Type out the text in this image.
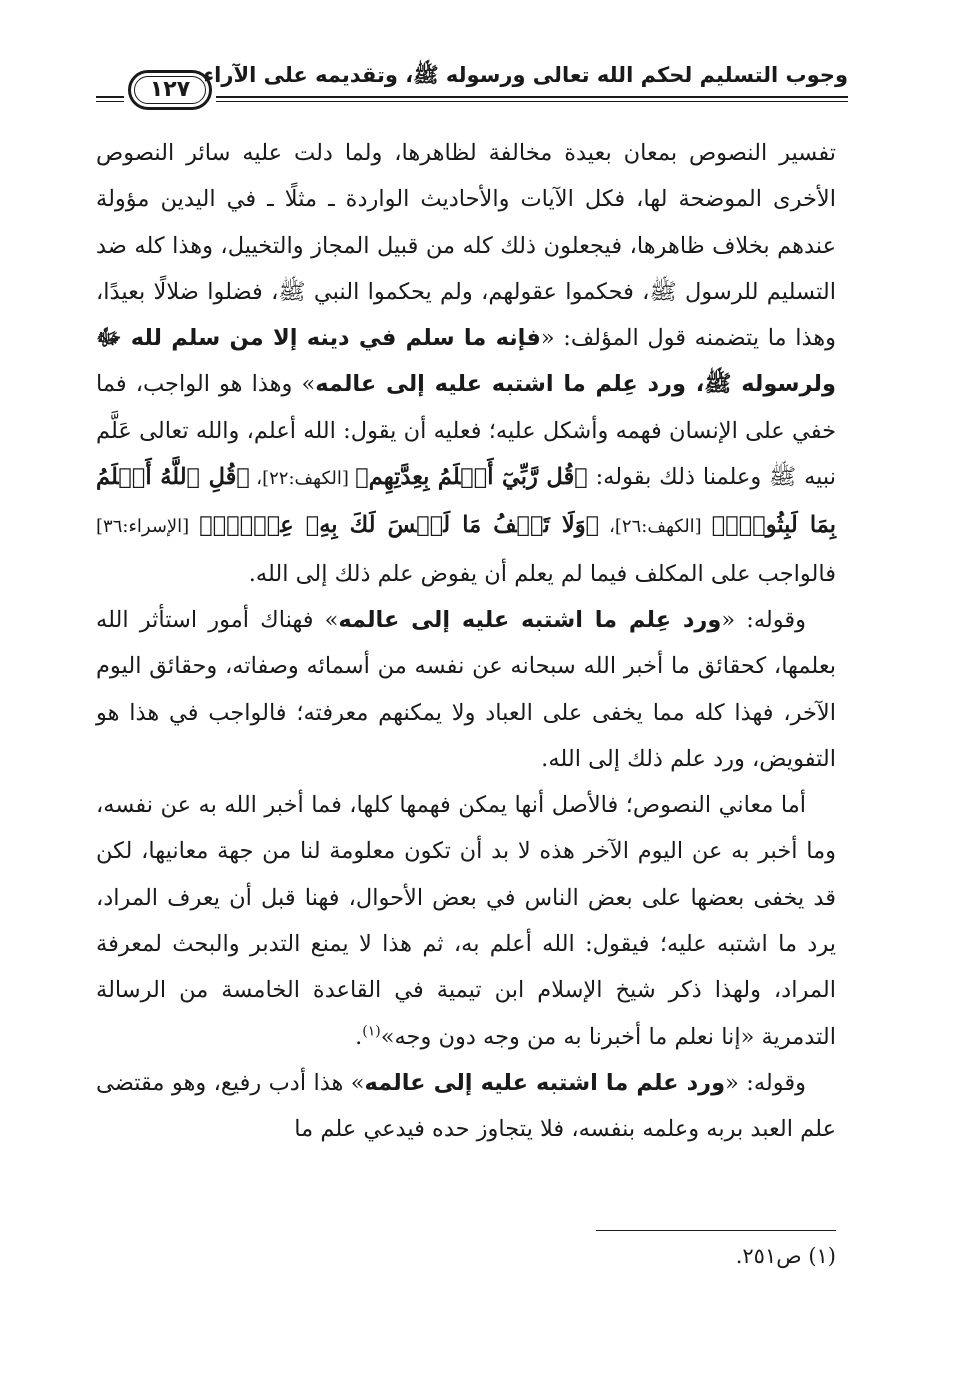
وجوب التسليم لحكم الله تعالى ورسوله ﷺ، وتقديمه على الآراء
١٢٧

تفسير النصوص بمعان بعيدة مخالفة لظاهرها، ولما دلت عليه سائر النصوص الأخرى الموضحة لها، فكل الآيات والأحاديث الواردة ـ مثلًا ـ في اليدين مؤولة عندهم بخلاف ظاهرها، فيجعلون ذلك كله من قبيل المجاز والتخييل، وهذا كله ضد التسليم للرسول ﷺ، فحكموا عقولهم، ولم يحكموا النبي ﷺ، فضلوا ضلالًا بعيدًا، وهذا ما يتضمنه قول المؤلف: «فإنه ما سلم في دينه إلا من سلم لله ﷻ ولرسوله ﷺ، ورد عِلم ما اشتبه عليه إلى عالمه» وهذا هو الواجب، فما خفي على الإنسان فهمه وأشكل عليه؛ فعليه أن يقول: الله أعلم، والله تعالى عَلَّم نبيه ﷺ وعلمنا ذلك بقوله: ﴿قُل رَّبِّيٓ أَعۡلَمُ بِعِدَّتِهِم﴾ [الكهف:٢٢]، ﴿قُلِ ٱللَّهُ أَعۡلَمُ بِمَا لَبِثُواْۖ﴾ [الكهف:٢٦]، ﴿وَلَا تَقۡفُ مَا لَيۡسَ لَكَ بِهِۦ عِلۡمٌۚ﴾ [الإسراء:٣٦] فالواجب على المكلف فيما لم يعلم أن يفوض علم ذلك إلى الله.

وقوله: «ورد عِلم ما اشتبه عليه إلى عالمه» فهناك أمور استأثر الله بعلمها، كحقائق ما أخبر الله سبحانه عن نفسه من أسمائه وصفاته، وحقائق اليوم الآخر، فهذا كله مما يخفى على العباد ولا يمكنهم معرفته؛ فالواجب في هذا هو التفويض، ورد علم ذلك إلى الله.

أما معاني النصوص؛ فالأصل أنها يمكن فهمها كلها، فما أخبر الله به عن نفسه، وما أخبر به عن اليوم الآخر هذه لا بد أن تكون معلومة لنا من جهة معانيها، لكن قد يخفى بعضها على بعض الناس في بعض الأحوال، فهنا قبل أن يعرف المراد، يرد ما اشتبه عليه؛ فيقول: الله أعلم به، ثم هذا لا يمنع التدبر والبحث لمعرفة المراد، ولهذا ذكر شيخ الإسلام ابن تيمية في القاعدة الخامسة من الرسالة التدمرية «إنا نعلم ما أخبرنا به من وجه دون وجه»$^{(١)}$.

وقوله: «ورد علم ما اشتبه عليه إلى عالمه» هذا أدب رفيع، وهو مقتضى علم العبد بربه وعلمه بنفسه، فلا يتجاوز حده فيدعي علم ما

(١) ص٢٥١.
